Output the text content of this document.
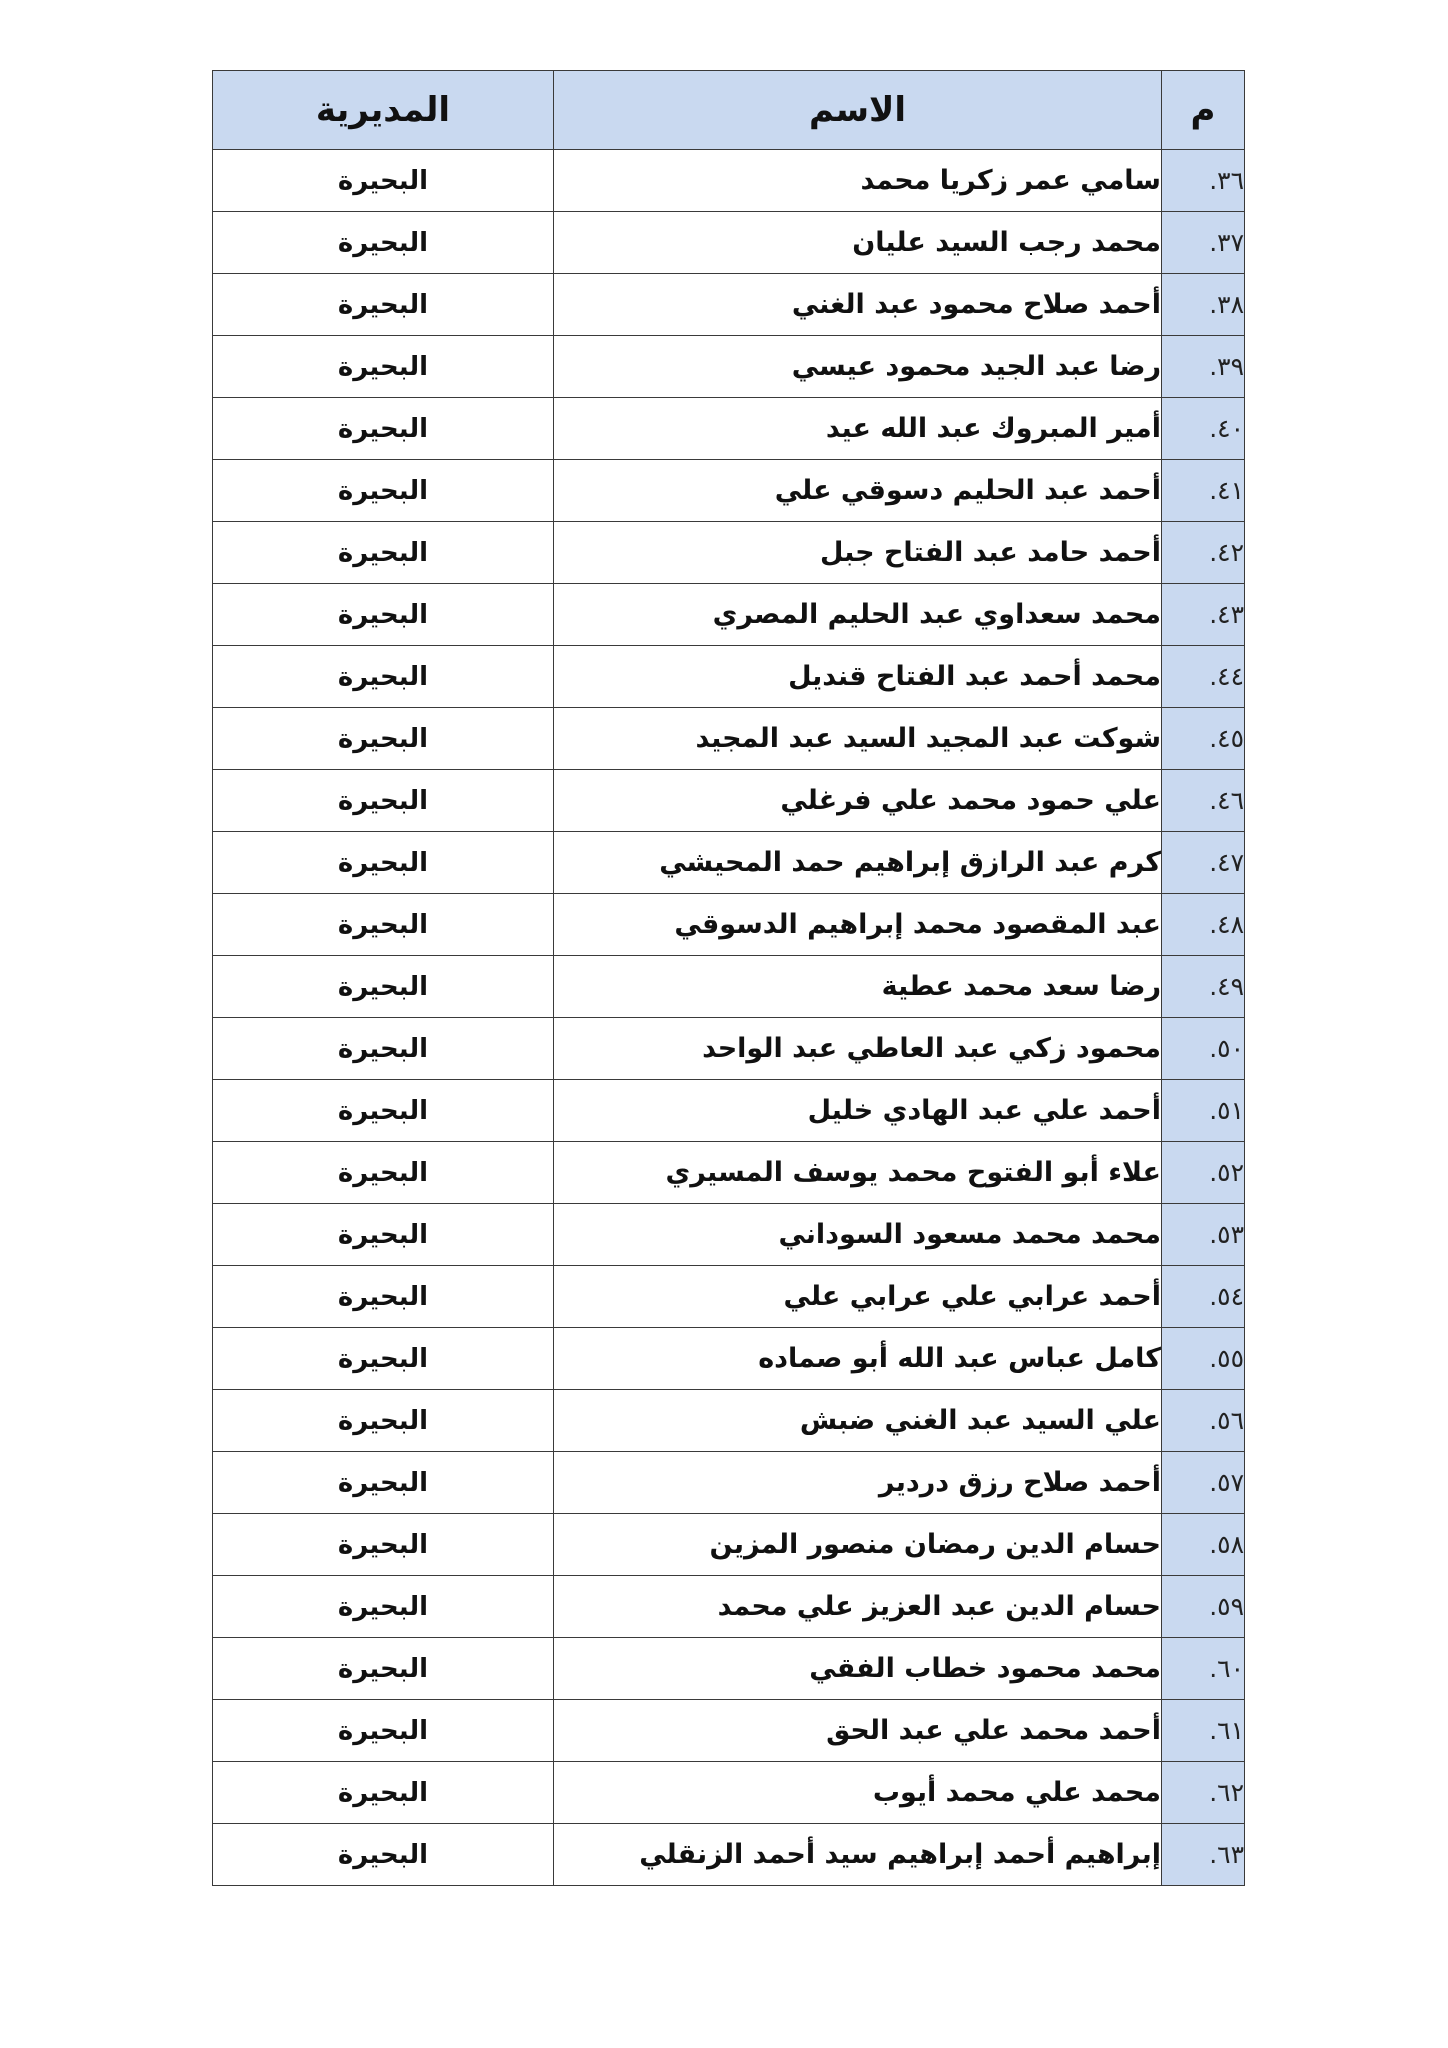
م	الاسم	المديرية
٣٦.	سامي عمر زكريا محمد	البحيرة
٣٧.	محمد رجب السيد عليان	البحيرة
٣٨.	أحمد صلاح محمود عبد الغني	البحيرة
٣٩.	رضا عبد الجيد محمود عيسي	البحيرة
٤٠.	أمير المبروك عبد الله عيد	البحيرة
٤١.	أحمد عبد الحليم دسوقي علي	البحيرة
٤٢.	أحمد حامد عبد الفتاح جبل	البحيرة
٤٣.	محمد سعداوي عبد الحليم المصري	البحيرة
٤٤.	محمد أحمد عبد الفتاح قنديل	البحيرة
٤٥.	شوكت عبد المجيد السيد عبد المجيد	البحيرة
٤٦.	علي حمود محمد علي فرغلي	البحيرة
٤٧.	كرم عبد الرازق إبراهيم حمد المحيشي	البحيرة
٤٨.	عبد المقصود محمد إبراهيم الدسوقي	البحيرة
٤٩.	رضا سعد محمد عطية	البحيرة
٥٠.	محمود زكي عبد العاطي عبد الواحد	البحيرة
٥١.	أحمد علي عبد الهادي خليل	البحيرة
٥٢.	علاء أبو الفتوح محمد يوسف المسيري	البحيرة
٥٣.	محمد محمد مسعود السوداني	البحيرة
٥٤.	أحمد عرابي علي عرابي علي	البحيرة
٥٥.	كامل عباس عبد الله أبو صماده	البحيرة
٥٦.	علي السيد عبد الغني ضبش	البحيرة
٥٧.	أحمد صلاح رزق دردير	البحيرة
٥٨.	حسام الدين رمضان منصور المزين	البحيرة
٥٩.	حسام الدين عبد العزيز علي محمد	البحيرة
٦٠.	محمد محمود خطاب الفقي	البحيرة
٦١.	أحمد محمد علي عبد الحق	البحيرة
٦٢.	محمد علي محمد أيوب	البحيرة
٦٣.	إبراهيم أحمد إبراهيم سيد أحمد الزنقلي	البحيرة
